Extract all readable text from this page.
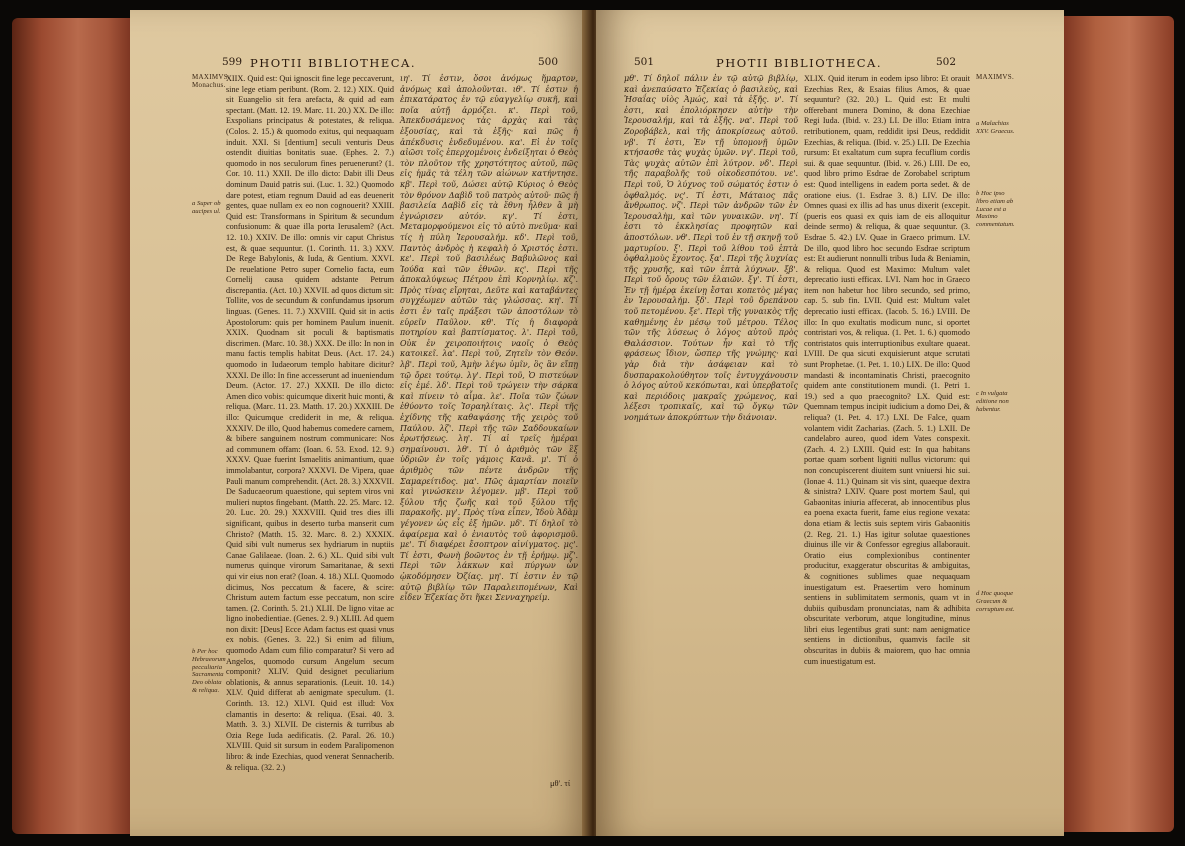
PHOTII BIBLIOTHECA.
599	500
MAXIMVS.
Monachus.
a Super ob aucipes ul.
b Per hoc Hebraeorum pecculiaria Sacramenta Deo oblata & reliqua.
XIIX. Quid est: Qui ignoscit fine lege peccaverunt, sine lege etiam peribunt. (Rom. 2. 12.) XIX. Quid sit Euangelio sit fera arefacta, & quid ad eam spectant. (Matt. 12. 19. Marc. 11. 20.) XX. De illo: Exspolians principatus & potestates, & reliqua. (Colos. 2. 15.) & quomodo exitus, qui nequaquam induit. XXI. Si [dentium] seculi venturis Deus ostendit diuitias bonitatis suae. (Ephes. 2. 7.) quomodo in nos seculorum fines peruenerunt? (1. Cor. 10. 11.) XXII. De illo dicto: Dabit illi Deus dominum Dauid patris sui. (Luc. 1. 32.) Quomodo dare potest, etiam regnum Dauid ad eas deuenerit gentes, quae nullam ex eo non cognouerit? XXIII. Quid est: Transformans in Spiritum & secundum confusionum: & quae illa porta Ierusalem? (Act. 12. 10.) XXIV. De illo: omnis vir caput Christus est, & quae sequuntur. (1. Corinth. 11. 3.) XXV. De Rege Babylonis, & Iuda, & Gentium. XXVI. De reuelatione Petro super Cornelio facta, eum Cornelij causa quidem adstante Petrum discrepantia. (Act. 10.) XXVII. ad quos dictum sit: Tollite, vos de secundum & confundamus ipsorum linguas. (Genes. 11. 7.) XXVIII. Quid sit in actis Apostolorum: quis per hominem Paulum inuenit. XXIX. Quodnam sit poculi & baptismatis discrimen. (Marc. 10. 38.) XXX. De illo: In non in manu factis templis habitat Deus. (Act. 17. 24.) quomodo in Iudaeorum templo habitare dicitur? XXXI. De illo: In fine accesserunt ad inueniendum Deum. (Actor. 17. 27.) XXXII. De illo dicto: Amen dico vobis: quicumque dixerit huic monti, & reliqua. (Marc. 11. 23. Matth. 17. 20.) XXXIII. De illo: Quicumque crediderit in me, & reliqua. XXXIV. De illo, Quod habemus comedere carnem, & bibere sanguinem nostrum communicare: Nos ad communem offam: (Ioan. 6. 53. Exod. 12. 9.) XXXV. Quae fuerint Ismaelitis animantium, quae immolabantur, corpora? XXXVI. De Vipera, quae Pauli manum comprehendit. (Act. 28. 3.) XXXVII. De Saducaeorum quaestione, qui septem viros vni mulieri nuptos fingebant. (Matth. 22. 25. Marc. 12. 20. Luc. 20. 29.) XXXVIII. Quid tres dies illi significant, quibus in deserto turba manserit cum Christo? (Matth. 15. 32. Marc. 8. 2.) XXXIX. Quid sibi vult numerus sex hydriarum in nuptiis Canae Galilaeae. (Ioan. 2. 6.) XL. Quid sibi vult numerus quinque virorum Samaritanae, & sexti qui vir eius non erat? (Ioan. 4. 18.) XLI. Quomodo dicimus, Nos peccatum & facere, & scire: Christum autem factum esse peccatum, non scire tamen. (2. Corinth. 5. 21.) XLII. De ligno vitae ac ligno inobedientiae. (Genes. 2. 9.) XLIII. Ad quem non dixit: [Deus] Ecce Adam factus est quasi vnus ex nobis. (Genes. 3. 22.) Si enim ad filium, quomodo Adam cum filio comparatur? Si vero ad Angelos, quomodo cursum Angelum secum componit? XLIV. Quid designet peculiarium oblationis, & annus separationis. (Leuit. 10. 14.) XLV. Quid differat ab aenigmate speculum. (1. Corinth. 13. 12.) XLVI. Quid est illud: Vox clamantis in deserto: & reliqua. (Esai. 40. 3. Matth. 3. 3.) XLVII. De cisternis & turribus ab Ozia Rege Iuda aedificatis. (2. Paral. 26. 10.) XLVIII. Quid sit sursum in eodem Paralipomenon libro: & inde Ezechias, quod venerat Sennacherib. & reliqua. (32. 2.)
ιη'. Τί ἐστιν, ὅσοι ἀνόμως ἥμαρτον, ἀνόμως καὶ ἀπολοῦνται. ιθ'. Τί ἐστιν ἡ ἐπικατάρατος ἐν τῷ εὐαγγελίῳ συκῆ, καὶ ποῖα αὐτῇ ἁρμόζει. κ'. Περὶ τοῦ, Ἀπεκδυσάμενος τὰς ἀρχὰς καὶ τὰς ἐξουσίας, καὶ τὰ ἑξῆς· καὶ πῶς ἡ ἀπέκδυσις ἐνδεδυμένου. κα'. Εἰ ἐν τοῖς αἰῶσι τοῖς ἐπερχομένοις ἐνδείξηται ὁ Θεὸς τὸν πλοῦτον τῆς χρηστότητος αὐτοῦ, πῶς εἰς ἡμᾶς τὰ τέλη τῶν αἰώνων κατήντησε. κβ'. Περὶ τοῦ, Δώσει αὐτῷ Κύριος ὁ Θεὸς τὸν θρόνον Δαβὶδ τοῦ πατρὸς αὐτοῦ· πῶς ἡ βασιλεία Δαβὶδ εἰς τὰ ἔθνη ἦλθεν ἃ μὴ ἐγνώρισεν αὐτόν. κγ'. Τί ἐστι, Μεταμορφούμενοι εἰς τὸ αὐτὸ πνεῦμα· καὶ τίς ἡ πύλη Ἱερουσαλήμ. κδ'. Περὶ τοῦ, Παντὸς ἀνδρὸς ἡ κεφαλὴ ὁ Χριστός ἐστι. κε'. Περὶ τοῦ βασιλέως Βαβυλῶνος καὶ Ἰούδα καὶ τῶν ἐθνῶν. κς'. Περὶ τῆς ἀποκαλύψεως Πέτρου ἐπὶ Κορνηλίῳ. κζ'. Πρὸς τίνας εἴρηται, Δεῦτε καὶ καταβάντες συγχέωμεν αὐτῶν τὰς γλώσσας. κη'. Τί ἐστι ἐν ταῖς πράξεσι τῶν ἀποστόλων τὸ εὑρεῖν Παῦλον. κθ'. Τίς ἡ διαφορὰ ποτηρίου καὶ βαπτίσματος. λ'. Περὶ τοῦ, Οὐκ ἐν χειροποιήτοις ναοῖς ὁ Θεὸς κατοικεῖ. λα'. Περὶ τοῦ, Ζητεῖν τὸν Θεόν. λβ'. Περὶ τοῦ, Ἀμὴν λέγω ὑμῖν, ὃς ἂν εἴπῃ τῷ ὄρει τούτῳ. λγ'. Περὶ τοῦ, Ὁ πιστεύων εἰς ἐμέ. λδ'. Περὶ τοῦ τρώγειν τὴν σάρκα καὶ πίνειν τὸ αἷμα. λε'. Ποῖα τῶν ζώων ἐθύοντο τοῖς Ἰσραηλίταις. λς'. Περὶ τῆς ἐχίδνης τῆς καθαψάσης τῆς χειρὸς τοῦ Παύλου. λζ'. Περὶ τῆς τῶν Σαδδουκαίων ἐρωτήσεως. λη'. Τί αἱ τρεῖς ἡμέραι σημαίνουσι. λθ'. Τί ὁ ἀριθμὸς τῶν ἓξ ὑδριῶν ἐν τοῖς γάμοις Κανᾶ. μ'. Τί ὁ ἀριθμὸς τῶν πέντε ἀνδρῶν τῆς Σαμαρείτιδος. μα'. Πῶς ἁμαρτίαν ποιεῖν καὶ γινώσκειν λέγομεν. μβ'. Περὶ τοῦ ξύλου τῆς ζωῆς καὶ τοῦ ξύλου τῆς παρακοῆς. μγ'. Πρὸς τίνα εἶπεν, Ἰδοὺ Ἀδὰμ γέγονεν ὡς εἷς ἐξ ἡμῶν. μδ'. Τί δηλοῖ τὸ ἀφαίρεμα καὶ ὁ ἐνιαυτὸς τοῦ ἀφορισμοῦ. με'. Τί διαφέρει ἔσοπτρον αἰνίγματος. μς'. Τί ἐστι, Φωνὴ βοῶντος ἐν τῇ ἐρήμῳ. μζ'. Περὶ τῶν λάκκων καὶ πύργων ὧν ᾠκοδόμησεν Ὀζίας. μη'. Τί ἐστιν ἐν τῷ αὐτῷ βιβλίῳ τῶν Παραλειπομένων, Καὶ εἶδεν Ἐζεκίας ὅτι ἥκει Σενναχηρείμ.
μθ'. τί
501	PHOTII BIBLIOTHECA.	502
μθ'. Τί δηλοῖ πάλιν ἐν τῷ αὐτῷ βιβλίῳ, καὶ ἀνεπαύσατο Ἐζεκίας ὁ βασιλεὺς, καὶ Ἡσαΐας υἱὸς Ἀμώς, καὶ τὰ ἑξῆς. ν'. Τί ἐστι, καὶ ἐπολιόρκησεν αὐτὴν τὴν Ἱερουσαλήμ, καὶ τὰ ἑξῆς. να'. Περὶ τοῦ Ζοροβάβελ, καὶ τῆς ἀποκρίσεως αὐτοῦ. νβ'. Τί ἐστι, Ἐν τῇ ὑπομονῇ ὑμῶν κτήσασθε τὰς ψυχὰς ὑμῶν. νγ'. Περὶ τοῦ, Τὰς ψυχὰς αὐτῶν ἐπὶ λύτρον. νδ'. Περὶ τῆς παραβολῆς τοῦ οἰκοδεσπότου. νε'. Περὶ τοῦ, Ὁ λύχνος τοῦ σώματός ἐστιν ὁ ὀφθαλμός. νς'. Τί ἐστι, Μάταιος πᾶς ἄνθρωπος. νζ'. Περὶ τῶν ἀνδρῶν τῶν ἐν Ἱερουσαλὴμ, καὶ τῶν γυναικῶν. νη'. Τί ἐστι τὸ ἐκκλησίας προφητῶν καὶ ἀποστόλων. νθ'. Περὶ τοῦ ἐν τῇ σκηνῇ τοῦ μαρτυρίου. ξ'. Περὶ τοῦ λίθου τοῦ ἑπτὰ ὀφθαλμοὺς ἔχοντος. ξα'. Περὶ τῆς λυχνίας τῆς χρυσῆς, καὶ τῶν ἑπτὰ λύχνων. ξβ'. Περὶ τοῦ ὄρους τῶν ἐλαιῶν. ξγ'. Τί ἐστι, Ἐν τῇ ἡμέρᾳ ἐκείνῃ ἔσται κοπετὸς μέγας ἐν Ἱερουσαλήμ. ξδ'. Περὶ τοῦ δρεπάνου τοῦ πετομένου. ξε'. Περὶ τῆς γυναικὸς τῆς καθημένης ἐν μέσῳ τοῦ μέτρου. Τέλος τῶν τῆς λύσεως ὁ λόγος αὐτοῦ πρὸς Θαλάσσιον. Τούτων ἦν καὶ τὸ τῆς φράσεως ἴδιον, ὥσπερ τῆς γνώμης· καὶ γὰρ διὰ τὴν ἀσάφειαν καὶ τὸ δυσπαρακολούθητον τοῖς ἐντυγχάνουσιν ὁ λόγος αὐτοῦ κεκόπωται, καὶ ὑπερβατοῖς καὶ περιόδοις μακραῖς χρώμενος, καὶ λέξεσι τροπικαῖς, καὶ τῷ ὄγκῳ τῶν νοημάτων ἀποκρύπτων τὴν διάνοιαν.
XLIX. Quid iterum in eodem ipso libro: Et orauit Ezechias Rex, & Esaias filius Amos, & quae sequuntur? (32. 20.) L. Quid est: Et multi offerebant munera Domino, & dona Ezechiae Regi Iuda. (Ibid. v. 23.) LI. De illo: Etiam intra retributionem, quam, reddidit ipsi Deus, reddidit Ezechias, & reliqua. (Ibid. v. 25.) LII. De Ezechia rursum: Et exaltatum cum supra fecuflium cordis sui. & quae sequuntur. (Ibid. v. 26.) LIII. De eo, quod libro primo Esdrae de Zorobabel scriptum est: Quod intelligens in eadem porta sedet. & de oratione eius. (1. Esdrae 3. 8.) LIV. De illo: Omnes quasi ex illis ad has unus dixerit (excepit. (pueris eos quasi ex quis iam de eis alloquitur deinde sermo) & reliqua, & quae sequuntur. (3. Esdrae 5. 42.) LV. Quae in Graeco primum. LV. De illo, quod libro hoc secundo Esdrae scriptum est: Et audierunt nonnulli tribus Iuda & Beniamin, & reliqua. Quod est Maximo: Multum valet deprecatio iusti efficax. LVI. Nam hoc in Graeco item non habetur hoc libro secundo, sed primo, cap. 5. sub fin. LVII. Quid est: Multum valet deprecatio iusti efficax. (Iacob. 5. 16.) LVIII. De illo: In quo exultatis modicum nunc, si oportet contristari vos, & reliqua. (1. Pet. 1. 6.) quomodo contristatos quis interruptionibus exultare quaeat. LVIII. De qua sicuti exquisierunt atque scrutati sunt Prophetae. (1. Pet. 1. 10.) LIX. De illo: Quod mandasti & incontaminatis Christi, praecognito quidem ante constitutionem mundi. (1. Petri 1. 19.) sed a quo praecognito? LX. Quid est: Quemnam tempus incipit iudicium a domo Dei, & reliqua? (1. Pet. 4. 17.) LXI. De Falce, quam volantem vidit Zacharias. (Zach. 5. 1.) LXII. De candelabro aureo, quod idem Vates conspexit. (Zach. 4. 2.) LXIII. Quid est: In qua habitans portae quam sorbent ligniti nullus victorum: qui non concupiscerent diuitem sunt vniuersi hic sui. (Ionae 4. 11.) Quinam sit vis sint, quaeque dextra & sinistra? LXIV. Quare post mortem Saul, qui Gabaonitas iniuria affecerat, ab innocentibus plus ea poena exacta fuerit, fame eius regione vexata: dona etiam & lectis suis septem viris Gabaonitis (2. Reg. 21. 1.) Has igitur solutae quaestiones diuinus ille vir & Confessor egregius allaborauit. Oratio eius complexionibus continenter producitur, exaggeratur obscuritas & ambiguitas, & cognitiones sublimes quae nequaquam inuestigatum est. Praesertim vero hominum sentiens in sublimitatem sermonis, quam vt in dubiis quibusdam pronunciatas, nam & adhibita obscuritate verborum, atque longitudine, minus libri eius legentibus grati sunt: nam aenigmatice sentiens in dictionibus, quamvis facile sit obscuritas in dubiis & maiorem, quo hac omnia cum inuestigatum est.
MAXIMVS.
a Malachias XXV. Graecus.
b Hoc ipso libro etiam ab Lucae est a Maximo commentatum.
c In vulgata editione non habentur.
d Hoc quoque Graecum & corruptum est.
